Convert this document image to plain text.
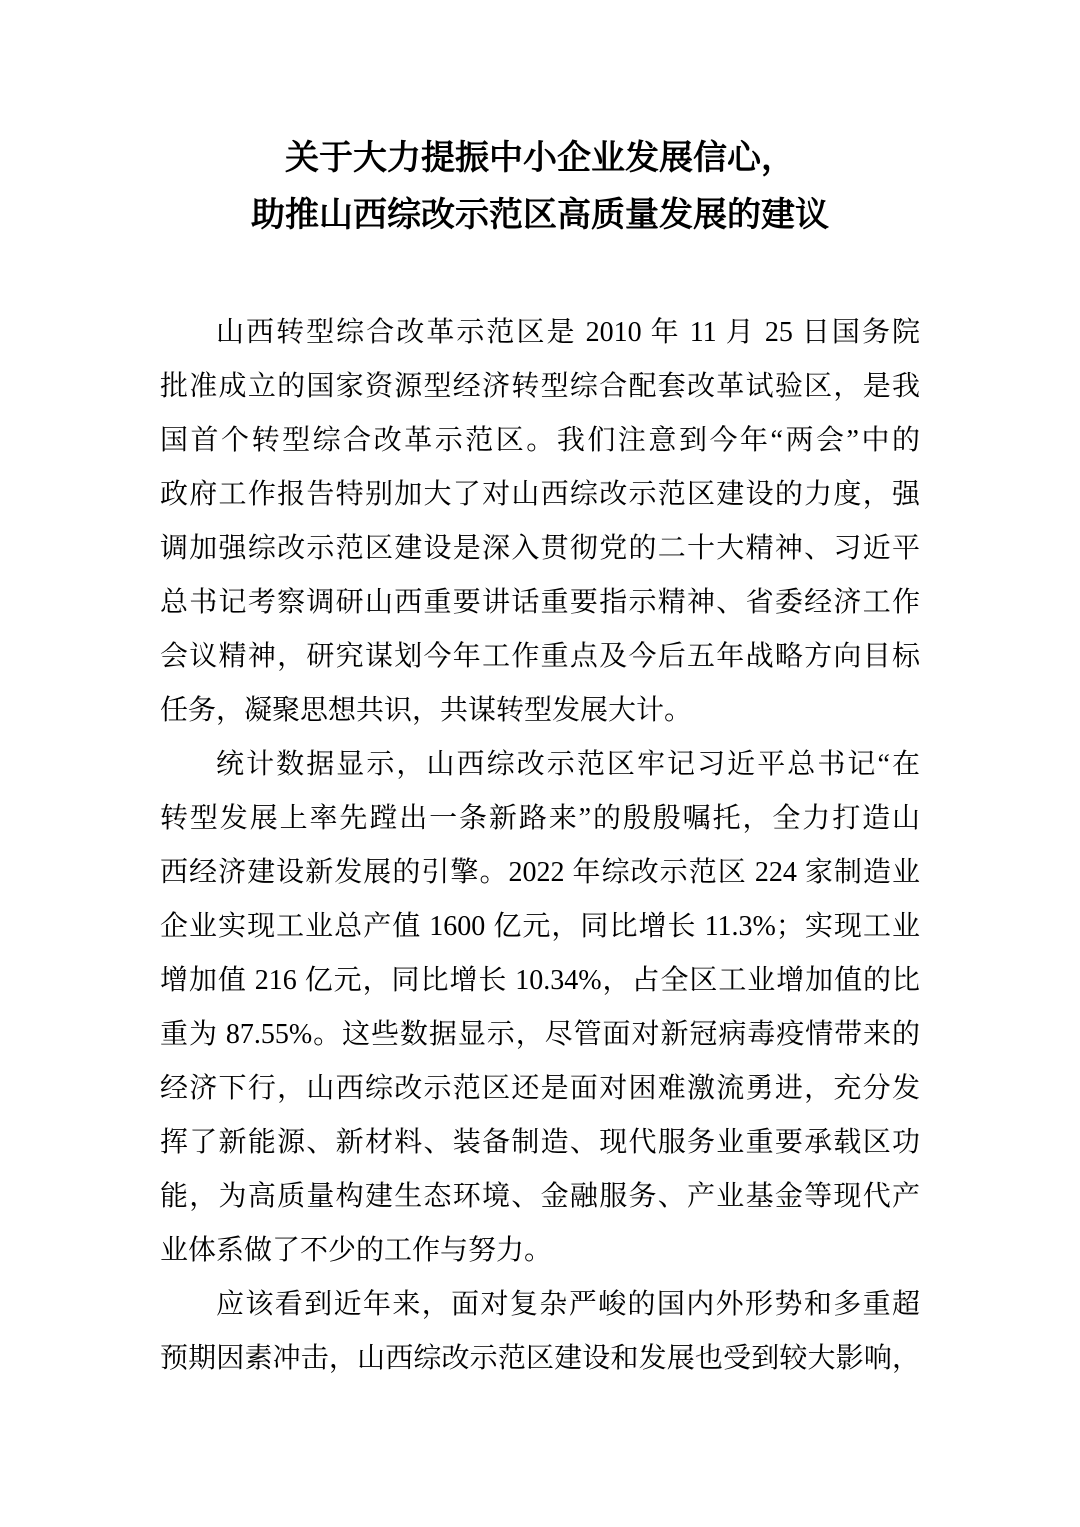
关于大力提振中小企业发展信心，
助推山西综改示范区高质量发展的建议

山西转型综合改革示范区是 2010 年 11 月 25 日国务院
批准成立的国家资源型经济转型综合配套改革试验区，是我
国首个转型综合改革示范区。我们注意到今年“两会”中的
政府工作报告特别加大了对山西综改示范区建设的力度，强
调加强综改示范区建设是深入贯彻党的二十大精神、习近平
总书记考察调研山西重要讲话重要指示精神、省委经济工作
会议精神，研究谋划今年工作重点及今后五年战略方向目标
任务，凝聚思想共识，共谋转型发展大计。

统计数据显示，山西综改示范区牢记习近平总书记“在
转型发展上率先蹚出一条新路来”的殷殷嘱托，全力打造山
西经济建设新发展的引擎。2022 年综改示范区 224 家制造业
企业实现工业总产值 1600 亿元，同比增长 11.3%；实现工业
增加值 216 亿元，同比增长 10.34%，占全区工业增加值的比
重为 87.55%。这些数据显示，尽管面对新冠病毒疫情带来的
经济下行，山西综改示范区还是面对困难激流勇进，充分发
挥了新能源、新材料、装备制造、现代服务业重要承载区功
能，为高质量构建生态环境、金融服务、产业基金等现代产
业体系做了不少的工作与努力。

应该看到近年来，面对复杂严峻的国内外形势和多重超
预期因素冲击，山西综改示范区建设和发展也受到较大影响，
